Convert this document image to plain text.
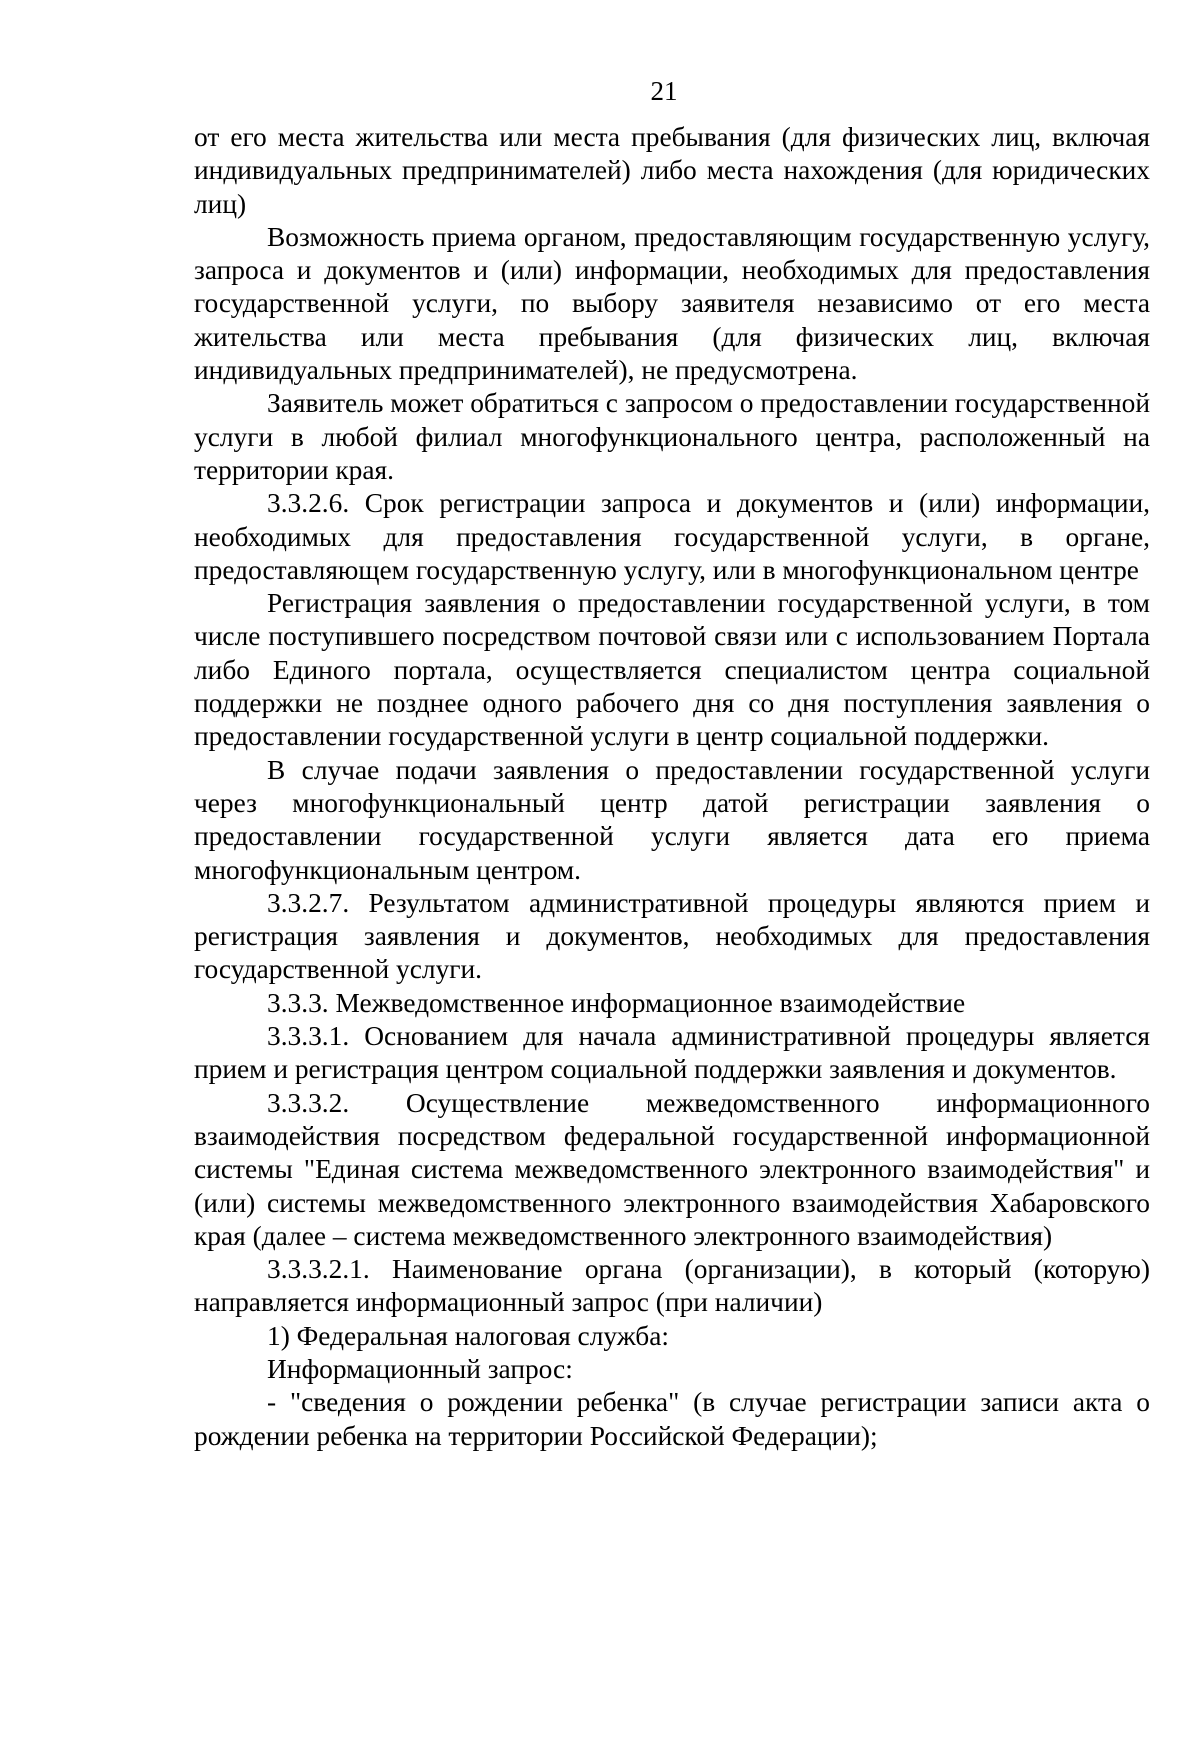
21

от его места жительства или места пребывания (для физических лиц, включая индивидуальных предпринимателей) либо места нахождения (для юридических лиц)

Возможность приема органом, предоставляющим государственную услугу, запроса и документов и (или) информации, необходимых для предоставления государственной услуги, по выбору заявителя независимо от его места жительства или места пребывания (для физических лиц, включая индивидуальных предпринимателей), не предусмотрена.

Заявитель может обратиться с запросом о предоставлении государственной услуги в любой филиал многофункционального центра, расположенный на территории края.

3.3.2.6. Срок регистрации запроса и документов и (или) информации, необходимых для предоставления государственной услуги, в органе, предоставляющем государственную услугу, или в многофункциональном центре

Регистрация заявления о предоставлении государственной услуги, в том числе поступившего посредством почтовой связи или с использованием Портала либо Единого портала, осуществляется специалистом центра социальной поддержки не позднее одного рабочего дня со дня поступления заявления о предоставлении государственной услуги в центр социальной поддержки.

В случае подачи заявления о предоставлении государственной услуги через многофункциональный центр датой регистрации заявления о предоставлении государственной услуги является дата его приема многофункциональным центром.

3.3.2.7. Результатом административной процедуры являются прием и регистрация заявления и документов, необходимых для предоставления государственной услуги.

3.3.3. Межведомственное информационное взаимодействие

3.3.3.1. Основанием для начала административной процедуры является прием и регистрация центром социальной поддержки заявления и документов.

3.3.3.2. Осуществление межведомственного информационного взаимодействия посредством федеральной государственной информационной системы "Единая система межведомственного электронного взаимодействия" и (или) системы межведомственного электронного взаимодействия Хабаровского края (далее – система межведомственного электронного взаимодействия)

3.3.3.2.1. Наименование органа (организации), в который (которую) направляется информационный запрос (при наличии)

1) Федеральная налоговая служба:

Информационный запрос:

- "сведения о рождении ребенка" (в случае регистрации записи акта о рождении ребенка на территории Российской Федерации);
